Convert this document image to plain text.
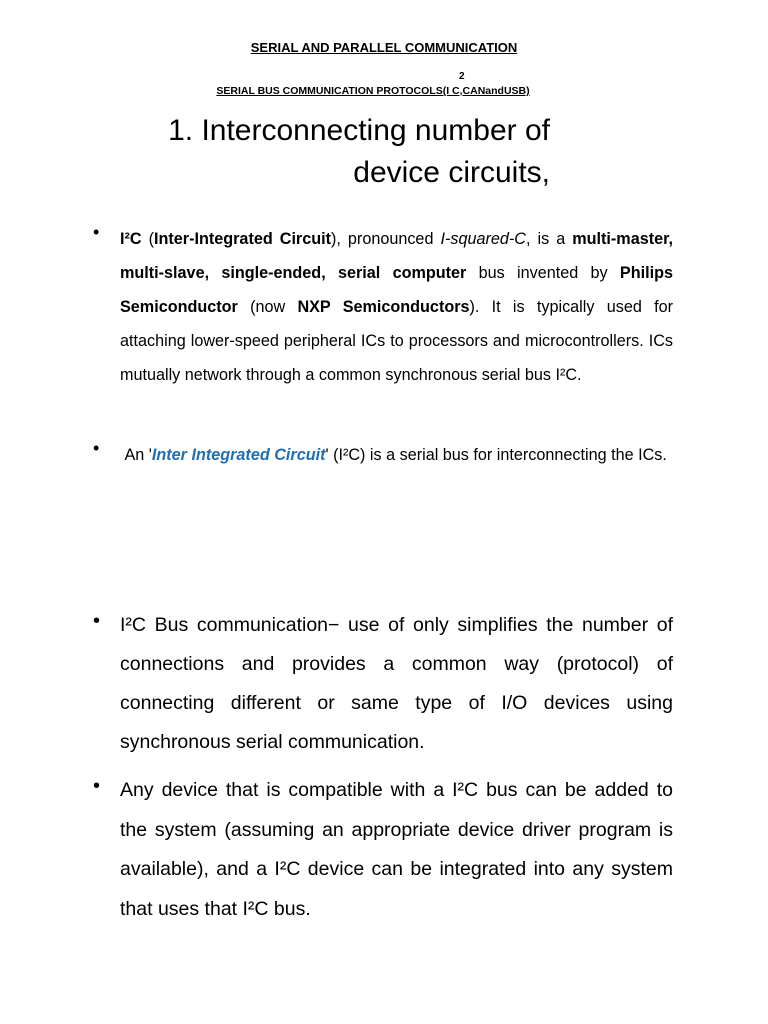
SERIAL AND PARALLEL COMMUNICATION
2
SERIAL BUS COMMUNICATION PROTOCOLS(I C,CANandUSB)
1. Interconnecting number of
device circuits,
• I²C (Inter-Integrated Circuit), pronounced I-squared-C, is a multi-master, multi-slave, single-ended, serial computer bus invented by Philips Semiconductor (now NXP Semiconductors). It is typically used for attaching lower-speed peripheral ICs to processors and microcontrollers. ICs mutually network through a common synchronous serial bus I²C.
• An 'Inter Integrated Circuit' (I²C) is a serial bus for interconnecting the ICs.
• I²C Bus communication− use of only simplifies the number of connections and provides a common way (protocol) of connecting different or same type of I/O devices using synchronous serial communication.
• Any device that is compatible with a I²C bus can be added to the system (assuming an appropriate device driver program is available), and a I²C device can be integrated into any system that uses that I²C bus.
